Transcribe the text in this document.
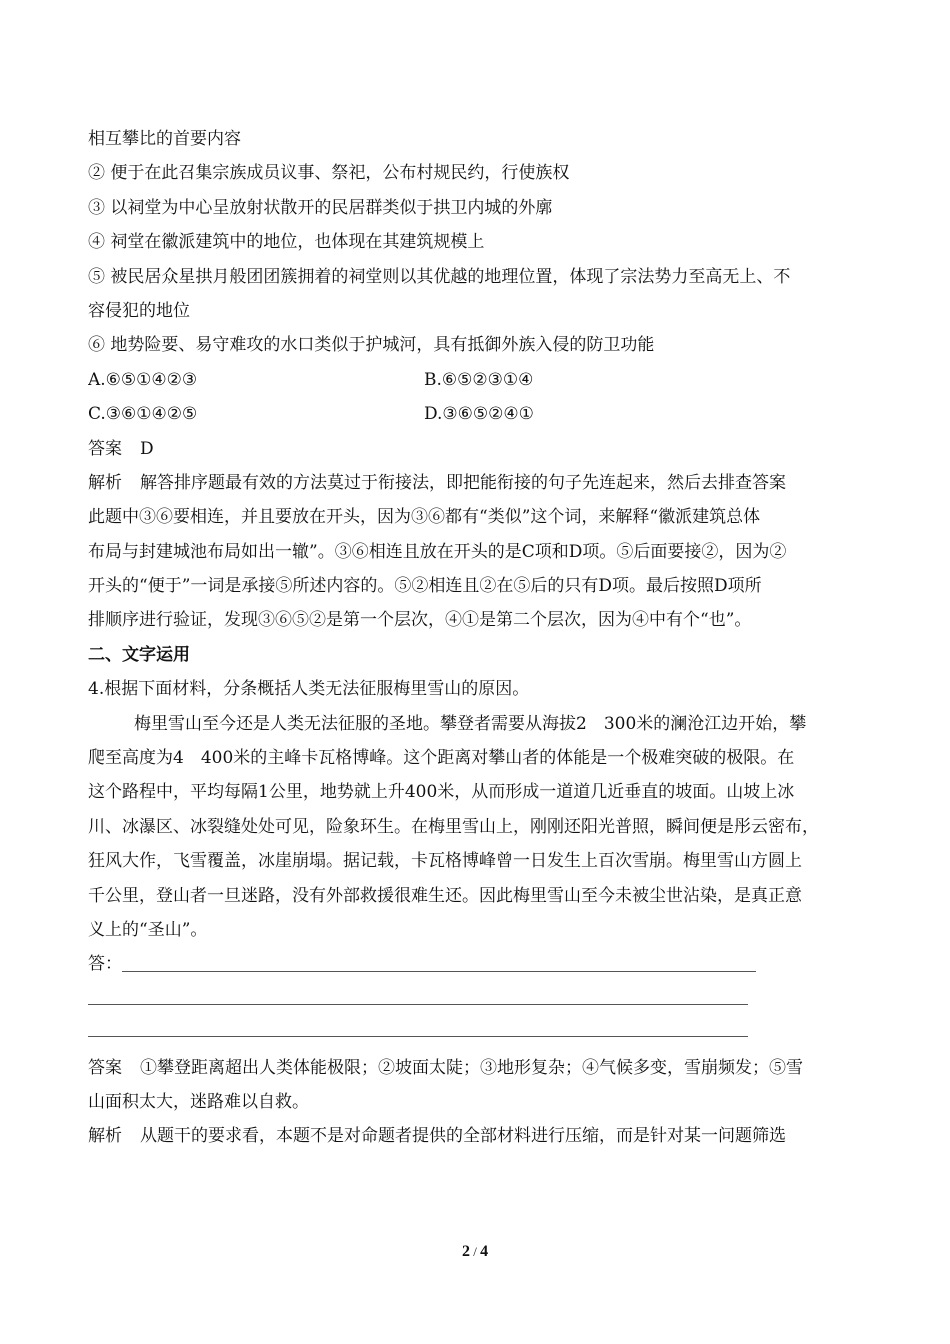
相互攀比的首要内容
② 便于在此召集宗族成员议事、祭祀，公布村规民约，行使族权
③ 以祠堂为中心呈放射状散开的民居群类似于拱卫内城的外廓
④ 祠堂在徽派建筑中的地位，也体现在其建筑规模上
⑤ 被民居众星拱月般团团簇拥着的祠堂则以其优越的地理位置，体现了宗法势力至高无上、不
容侵犯的地位
⑥ 地势险要、易守难攻的水口类似于护城河，具有抵御外族入侵的防卫功能
A.⑥⑤①④②③	B.⑥⑤②③①④
C.③⑥①④②⑤	D.③⑥⑤②④①
答案 D
解析 解答排序题最有效的方法莫过于衔接法，即把能衔接的句子先连起来，然后去排查答案
此题中③⑥要相连，并且要放在开头，因为③⑥都有“类似”这个词，来解释“徽派建筑总体
布局与封建城池布局如出一辙”。③⑥相连且放在开头的是C项和D项。⑤后面要接②，因为②
开头的“便于”一词是承接⑤所述内容的。⑤②相连且②在⑤后的只有D项。最后按照D项所
排顺序进行验证，发现③⑥⑤②是第一个层次，④①是第二个层次，因为④中有个“也”。
二、文字运用
4.根据下面材料，分条概括人类无法征服梅里雪山的原因。
梅里雪山至今还是人类无法征服的圣地。攀登者需要从海拔2　300米的澜沧江边开始，攀
爬至高度为4　400米的主峰卡瓦格博峰。这个距离对攀山者的体能是一个极难突破的极限。在
这个路程中，平均每隔1公里，地势就上升400米，从而形成一道道几近垂直的坡面。山坡上冰
川、冰瀑区、冰裂缝处处可见，险象环生。在梅里雪山上，刚刚还阳光普照，瞬间便是彤云密布，
狂风大作，飞雪覆盖，冰崖崩塌。据记载，卡瓦格博峰曾一日发生上百次雪崩。梅里雪山方圆上
千公里，登山者一旦迷路，没有外部救援很难生还。因此梅里雪山至今未被尘世沾染，是真正意
义上的“圣山”。
答：
答案 ①攀登距离超出人类体能极限；②坡面太陡；③地形复杂；④气候多变，雪崩频发；⑤雪
山面积太大，迷路难以自救。
解析 从题干的要求看，本题不是对命题者提供的全部材料进行压缩，而是针对某一问题筛选
2 / 4
